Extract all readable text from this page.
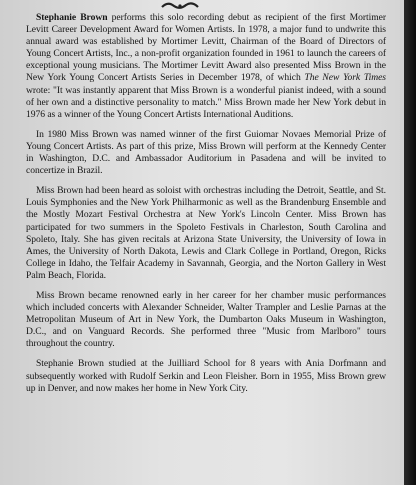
Stephanie Brown performs this solo recording debut as recipient of the first Mortimer Levitt Career Development Award for Women Artists. In 1978, a major fund to undwrite this annual award was established by Mortimer Levitt, Chairman of the Board of Directors of Young Concert Artists, Inc., a non-profit organization founded in 1961 to launch the careers of exceptional young musicians. The Mortimer Levitt Award also presented Miss Brown in the New York Young Concert Artists Series in December 1978, of which The New York Times wrote: "It was instantly apparent that Miss Brown is a wonderful pianist indeed, with a sound of her own and a distinctive personality to match." Miss Brown made her New York debut in 1976 as a winner of the Young Concert Artists International Auditions.

In 1980 Miss Brown was named winner of the first Guiomar Novaes Memorial Prize of Young Concert Artists. As part of this prize, Miss Brown will perform at the Kennedy Center in Washington, D.C. and Ambassador Auditorium in Pasadena and will be invited to concertize in Brazil.

Miss Brown had been heard as soloist with orchestras including the Detroit, Seattle, and St. Louis Symphonies and the New York Philharmonic as well as the Brandenburg Ensemble and the Mostly Mozart Festival Orchestra at New York's Lincoln Center. Miss Brown has participated for two summers in the Spoleto Festivals in Charleston, South Carolina and Spoleto, Italy. She has given recitals at Arizona State University, the University of Iowa in Ames, the University of North Dakota, Lewis and Clark College in Portland, Oregon, Ricks College in Idaho, the Telfair Academy in Savannah, Georgia, and the Norton Gallery in West Palm Beach, Florida.

Miss Brown became renowned early in her career for her chamber music performances which included concerts with Alexander Schneider, Walter Trampler and Leslie Parnas at the Metropolitan Museum of Art in New York, the Dumbarton Oaks Museum in Washington, D.C., and on Vanguard Records. She performed three "Music from Marlboro" tours throughout the country.

Stephanie Brown studied at the Juilliard School for 8 years with Ania Dorfmann and subsequently worked with Rudolf Serkin and Leon Fleisher. Born in 1955, Miss Brown grew up in Denver, and now makes her home in New York City.
